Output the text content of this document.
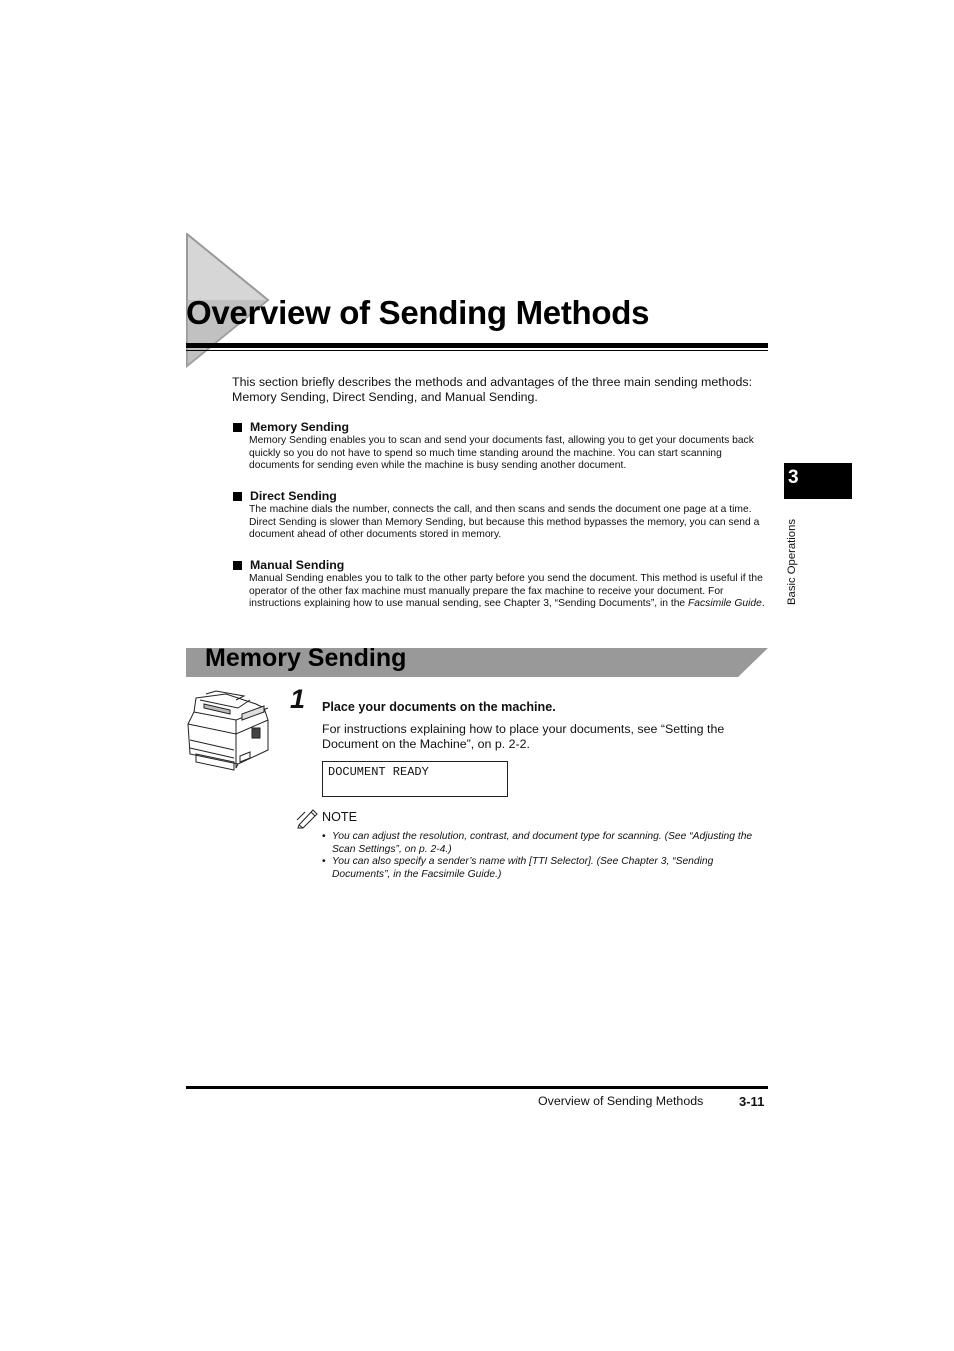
Overview of Sending Methods

This section briefly describes the methods and advantages of the three main sending methods: Memory Sending, Direct Sending, and Manual Sending.

Memory Sending
Memory Sending enables you to scan and send your documents fast, allowing you to get your documents back quickly so you do not have to spend so much time standing around the machine. You can start scanning documents for sending even while the machine is busy sending another document.
Direct Sending
The machine dials the number, connects the call, and then scans and sends the document one page at a time. Direct Sending is slower than Memory Sending, but because this method bypasses the memory, you can send a document ahead of other documents stored in memory.
Manual Sending
Manual Sending enables you to talk to the other party before you send the document. This method is useful if the operator of the other fax machine must manually prepare the fax machine to receive your document. For instructions explaining how to use manual sending, see Chapter 3, “Sending Documents”, in the Facsimile Guide.
Memory Sending
1 Place your documents on the machine.
For instructions explaining how to place your documents, see “Setting the Document on the Machine”, on p. 2-2.
DOCUMENT READY
NOTE
• You can adjust the resolution, contrast, and document type for scanning. (See “Adjusting the Scan Settings”, on p. 2-4.)
• You can also specify a sender’s name with [TTI Selector]. (See Chapter 3, “Sending Documents”, in the Facsimile Guide.)
Overview of Sending Methods	3-11
3
Basic Operations
